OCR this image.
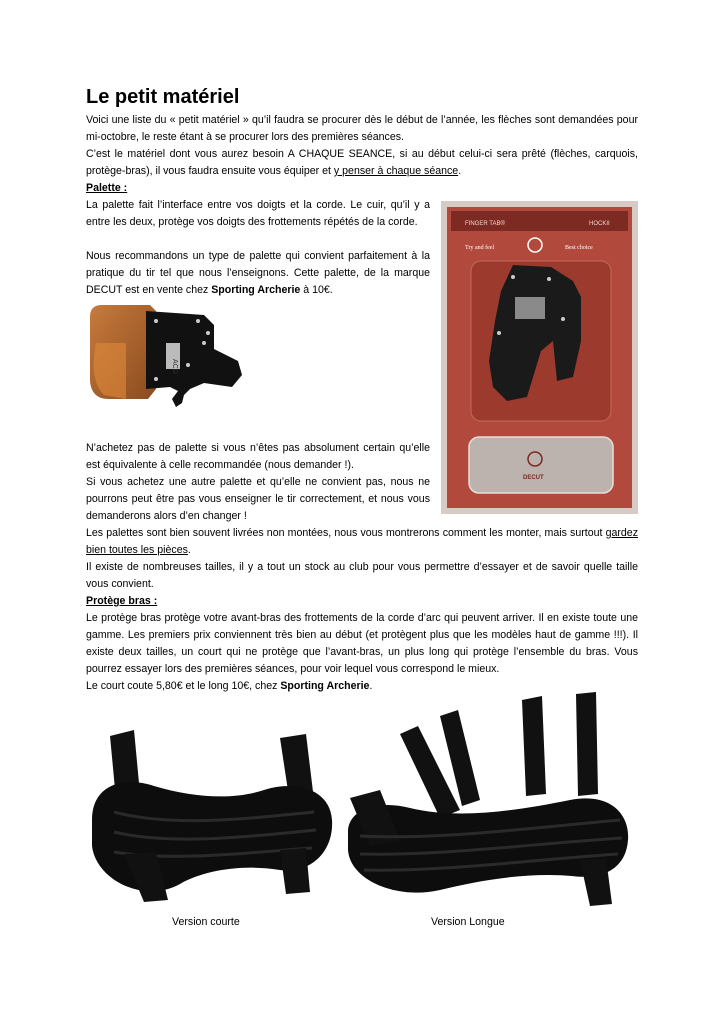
Le petit matériel

Voici une liste du « petit matériel » qu’il faudra se procurer dès le début de l’année, les flèches sont demandées pour mi-octobre, le reste étant à se procurer lors des premières séances.

C’est le matériel dont vous aurez besoin A CHAQUE SEANCE, si au début celui-ci sera prêté (flèches, carquois, protège-bras), il vous faudra ensuite vous équiper et y penser à chaque séance.

Palette :

La palette fait l’interface entre vos doigts et la corde. Le cuir, qu’il y a entre les deux, protège vos doigts des frottements répétés de la corde.

Nous recommandons un type de palette qui convient parfaitement à la pratique du tir tel que nous l’enseignons. Cette palette, de la marque DECUT est en vente chez Sporting Archerie à 10€.

ACD
FINGER TAB®	HOCKII
Try and feel	Best choice
DECUT

N’achetez pas de palette si vous n’êtes pas absolument certain qu’elle est équivalente à celle recommandée (nous demander !).

Si vous achetez une autre palette et qu’elle ne convient pas, nous ne pourrons peut être pas vous enseigner le tir correctement, et nous vous demanderons alors d’en changer !

Les palettes sont bien souvent livrées non montées, nous vous montrerons comment les monter, mais surtout gardez bien toutes les pièces.

Il existe de nombreuses tailles, il y a tout un stock au club pour vous permettre d’essayer et de savoir quelle taille vous convient.

Protège bras :

Le protège bras protège votre avant-bras des frottements de la corde d’arc qui peuvent arriver. Il en existe toute une gamme. Les premiers prix conviennent très bien au début (et protègent plus que les modèles haut de gamme !!!). Il existe deux tailles, un court qui ne protège que l’avant-bras, un plus long qui protège l’ensemble du bras. Vous pourrez essayer lors des premières séances, pour voir lequel vous correspond le mieux.

Le court coute 5,80€ et le long 10€, chez Sporting Archerie.

Version courte	Version Longue
